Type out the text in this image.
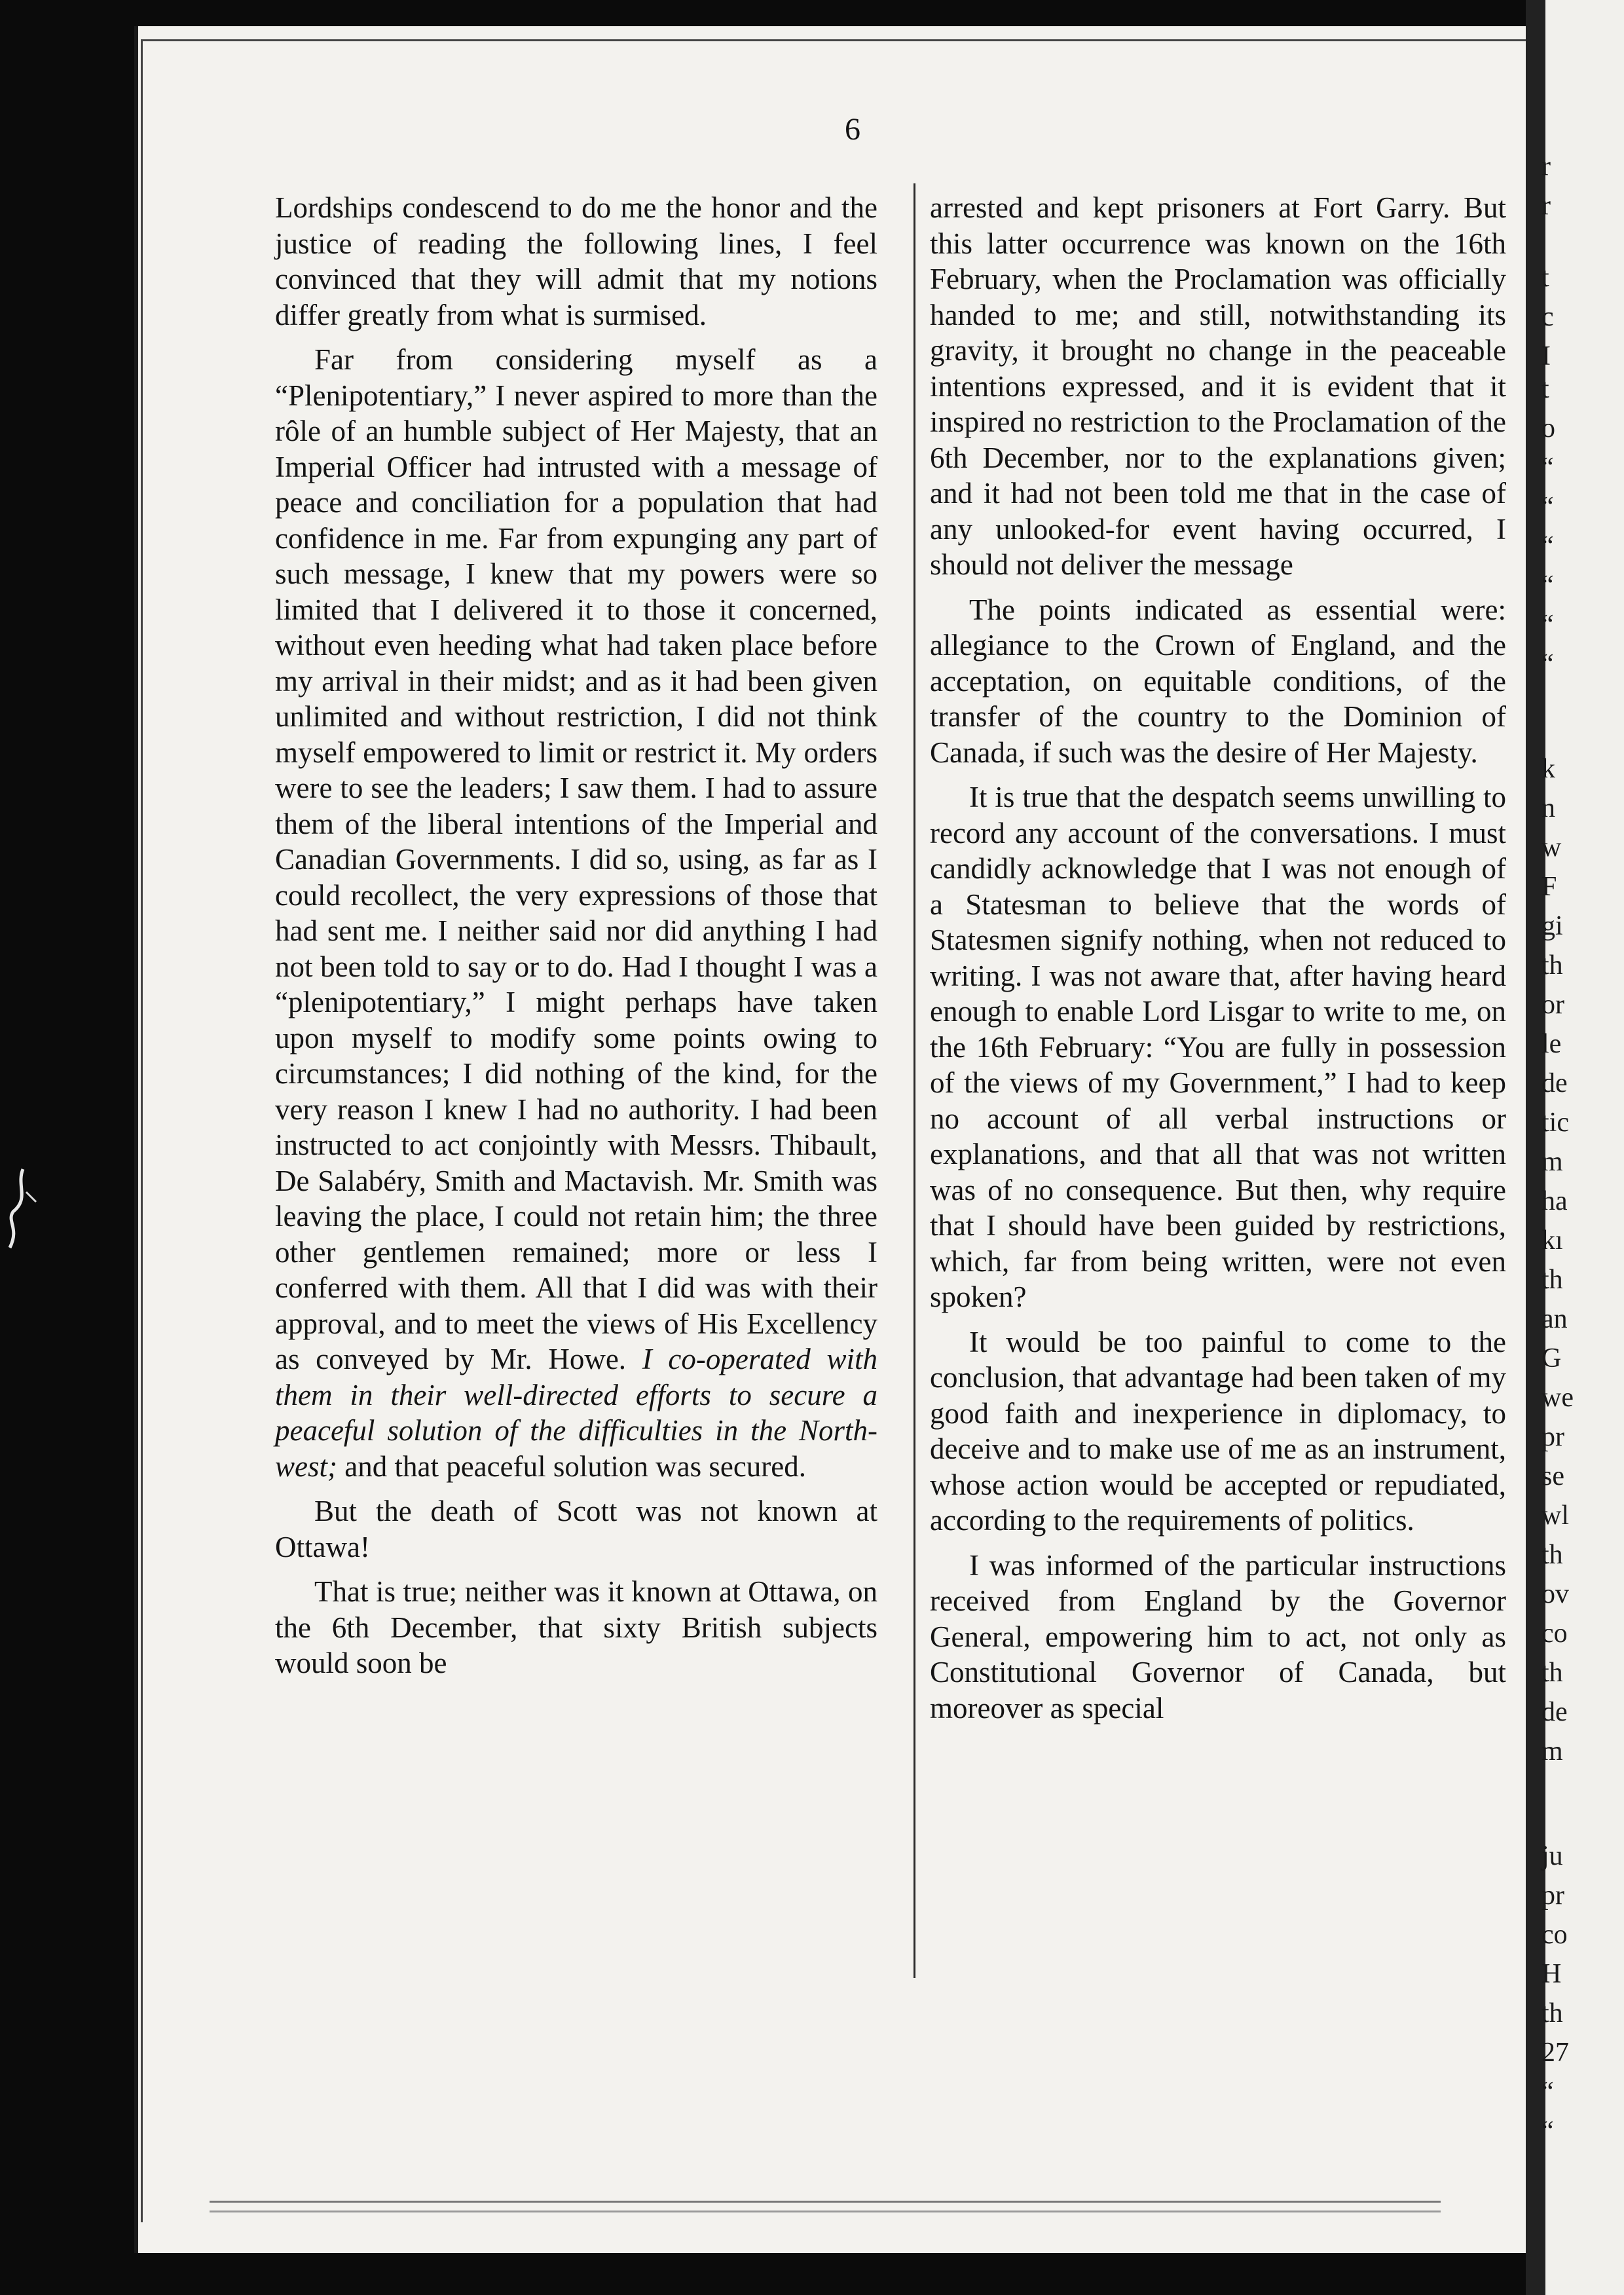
6

Lordships condescend to do me the honor and the justice of reading the following lines, I feel convinced that they will admit that my notions differ greatly from what is surmised.

Far from considering myself as a “Plenipotentiary,” I never aspired to more than the rôle of an humble subject of Her Majesty, that an Imperial Officer had intrusted with a message of peace and conciliation for a population that had confidence in me. Far from expunging any part of such message, I knew that my powers were so limited that I delivered it to those it concerned, without even heeding what had taken place before my arrival in their midst; and as it had been given unlimited and without restriction, I did not think myself empowered to limit or restrict it. My orders were to see the leaders; I saw them. I had to assure them of the liberal intentions of the Imperial and Canadian Governments. I did so, using, as far as I could recollect, the very expressions of those that had sent me. I neither said nor did anything I had not been told to say or to do. Had I thought I was a “plenipotentiary,” I might perhaps have taken upon myself to modify some points owing to circumstances; I did nothing of the kind, for the very reason I knew I had no authority. I had been instructed to act conjointly with Messrs. Thibault, De Salabéry, Smith and Mactavish. Mr. Smith was leaving the place, I could not retain him; the three other gentlemen remained; more or less I conferred with them. All that I did was with their approval, and to meet the views of His Excellency as conveyed by Mr. Howe. I co-operated with them in their well-directed efforts to secure a peaceful solution of the difficulties in the North-west; and that peaceful solution was secured.

But the death of Scott was not known at Ottawa!

That is true; neither was it known at Ottawa, on the 6th December, that sixty British subjects would soon be

arrested and kept prisoners at Fort Garry. But this latter occurrence was known on the 16th February, when the Proclamation was officially handed to me; and still, notwithstanding its gravity, it brought no change in the peaceable intentions expressed, and it is evident that it inspired no restriction to the Proclamation of the 6th December, nor to the explanations given; and it had not been told me that in the case of any unlooked-for event having occurred, I should not deliver the message

The points indicated as essential were: allegiance to the Crown of England, and the acceptation, on equitable conditions, of the transfer of the country to the Dominion of Canada, if such was the desire of Her Majesty.

It is true that the despatch seems unwilling to record any account of the conversations. I must candidly acknowledge that I was not enough of a Statesman to believe that the words of Statesmen signify nothing, when not reduced to writing. I was not aware that, after having heard enough to enable Lord Lisgar to write to me, on the 16th February: “You are fully in possession of the views of my Government,” I had to keep no account of all verbal instructions or explanations, and that all that was not written was of no consequence. But then, why require that I should have been guided by restrictions, which, far from being written, were not even spoken?

It would be too painful to come to the conclusion, that advantage had been taken of my good faith and inexperience in diplomacy, to deceive and to make use of me as an instrument, whose action would be accepted or repudiated, according to the requirements of politics.

I was informed of the particular instructions received from England by the Governor General, empowering him to act, not only as Constitutional Governor of Canada, but moreover as special

r
r
t
c
I
t
o
“
“
“
“
“
“
k
n
w
F
gi
th
or
le
de
tic
m
ha
kı
th
an
G
we
pr
se
wl
th
ov
co
th
de
m
ju
pr
co
H
th
27
“
“
